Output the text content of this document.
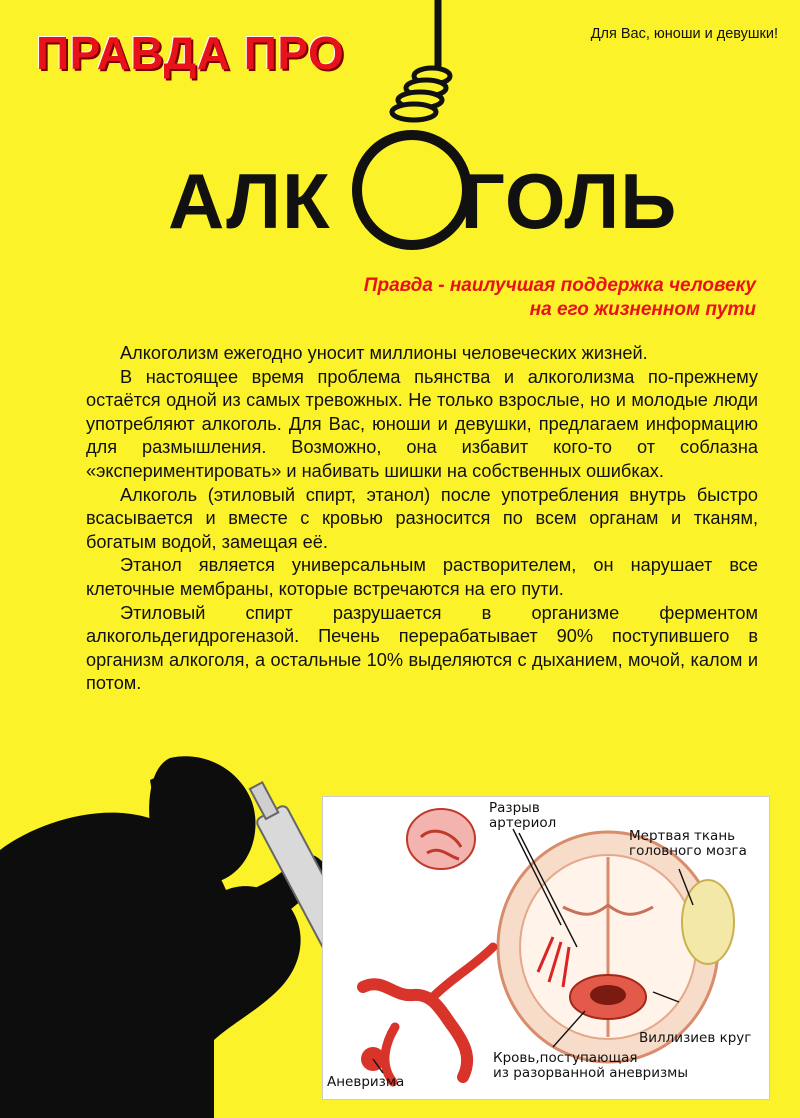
Для Вас, юноши и девушки!
ПРАВДА ПРО
АЛК ГОЛЬ
Правда - наилучшая поддержка человеку
на его жизненном пути

Алкоголизм ежегодно уносит миллионы человеческих жизней.

В настоящее время проблема пьянства и алкоголизма по-прежнему остаётся одной из самых тревожных. Не только взрослые, но и молодые люди употребляют алкоголь. Для Вас, юноши и девушки, предлагаем информацию для размышления. Возможно, она избавит кого-то от соблазна «экспериментировать» и набивать шишки на собственных ошибках.

Алкоголь (этиловый спирт, этанол) после употребления внутрь быстро всасывается и вместе с кровью разносится по всем органам и тканям, богатым водой, замещая её.

Этанол является универсальным растворителем, он нарушает все клеточные мембраны, которые встречаются на его пути.

Этиловый спирт разрушается в организме ферментом алкогольдегидрогеназой. Печень перерабатывает 90% поступившего в организм алкоголя, а остальные 10% выделяются с дыханием, мочой, калом и потом.

Разрыв
артериол
Мертвая ткань
головного мозга
Виллизиев круг
Кровь,поступающая
из разорванной аневризмы
Аневризма
